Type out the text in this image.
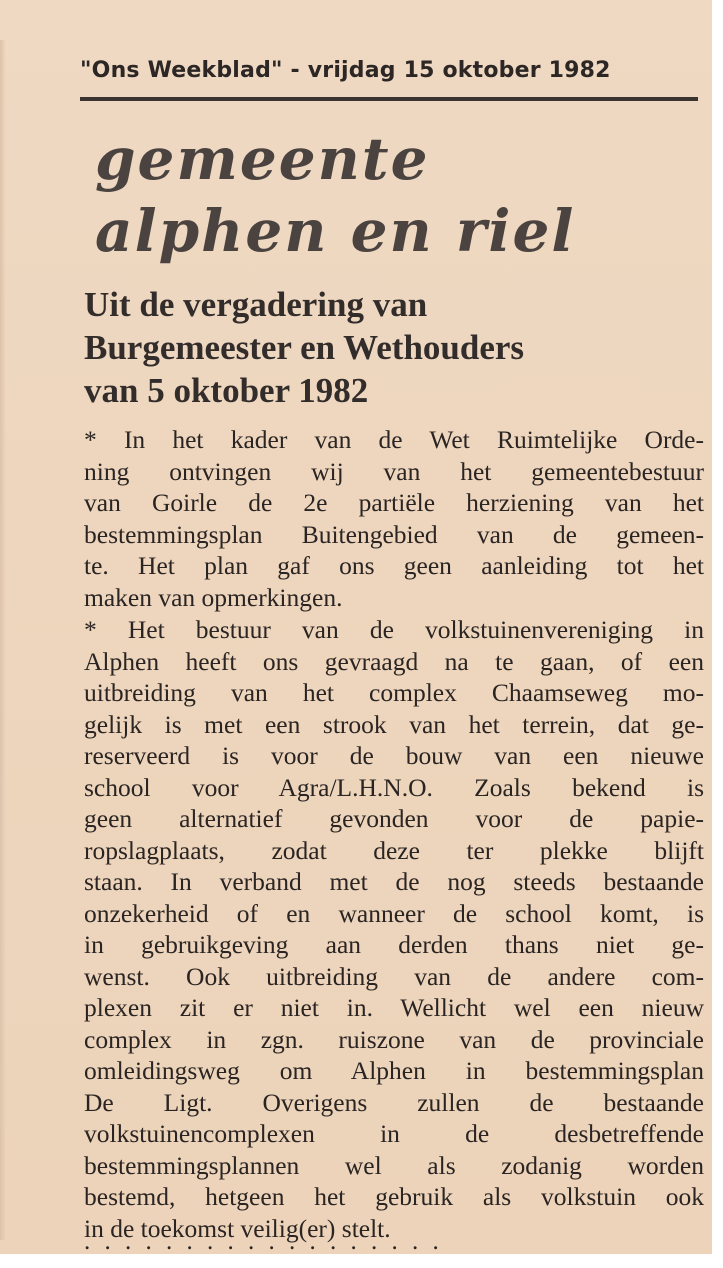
"Ons Weekblad" - vrijdag 15 oktober 1982
gemeente
alphen en riel
Uit de vergadering van
Burgemeester en Wethouders
van 5 oktober 1982
* In het kader van de Wet Ruimtelijke Orde-
ning ontvingen wij van het gemeentebestuur
van Goirle de 2e partiële herziening van het
bestemmingsplan Buitengebied van de gemeen-
te. Het plan gaf ons geen aanleiding tot het
maken van opmerkingen.
* Het bestuur van de volkstuinenvereniging in
Alphen heeft ons gevraagd na te gaan, of een
uitbreiding van het complex Chaamseweg mo-
gelijk is met een strook van het terrein, dat ge-
reserveerd is voor de bouw van een nieuwe
school voor Agra/L.H.N.O. Zoals bekend is
geen alternatief gevonden voor de papie-
ropslagplaats, zodat deze ter plekke blijft
staan. In verband met de nog steeds bestaande
onzekerheid of en wanneer de school komt, is
in gebruikgeving aan derden thans niet ge-
wenst. Ook uitbreiding van de andere com-
plexen zit er niet in. Wellicht wel een nieuw
complex in zgn. ruiszone van de provinciale
omleidingsweg om Alphen in bestemmingsplan
De Ligt. Overigens zullen de bestaande
volkstuinencomplexen in de desbetreffende
bestemmingsplannen wel als zodanig worden
bestemd, hetgeen het gebruik als volkstuin ook
in de toekomst veilig(er) stelt.
